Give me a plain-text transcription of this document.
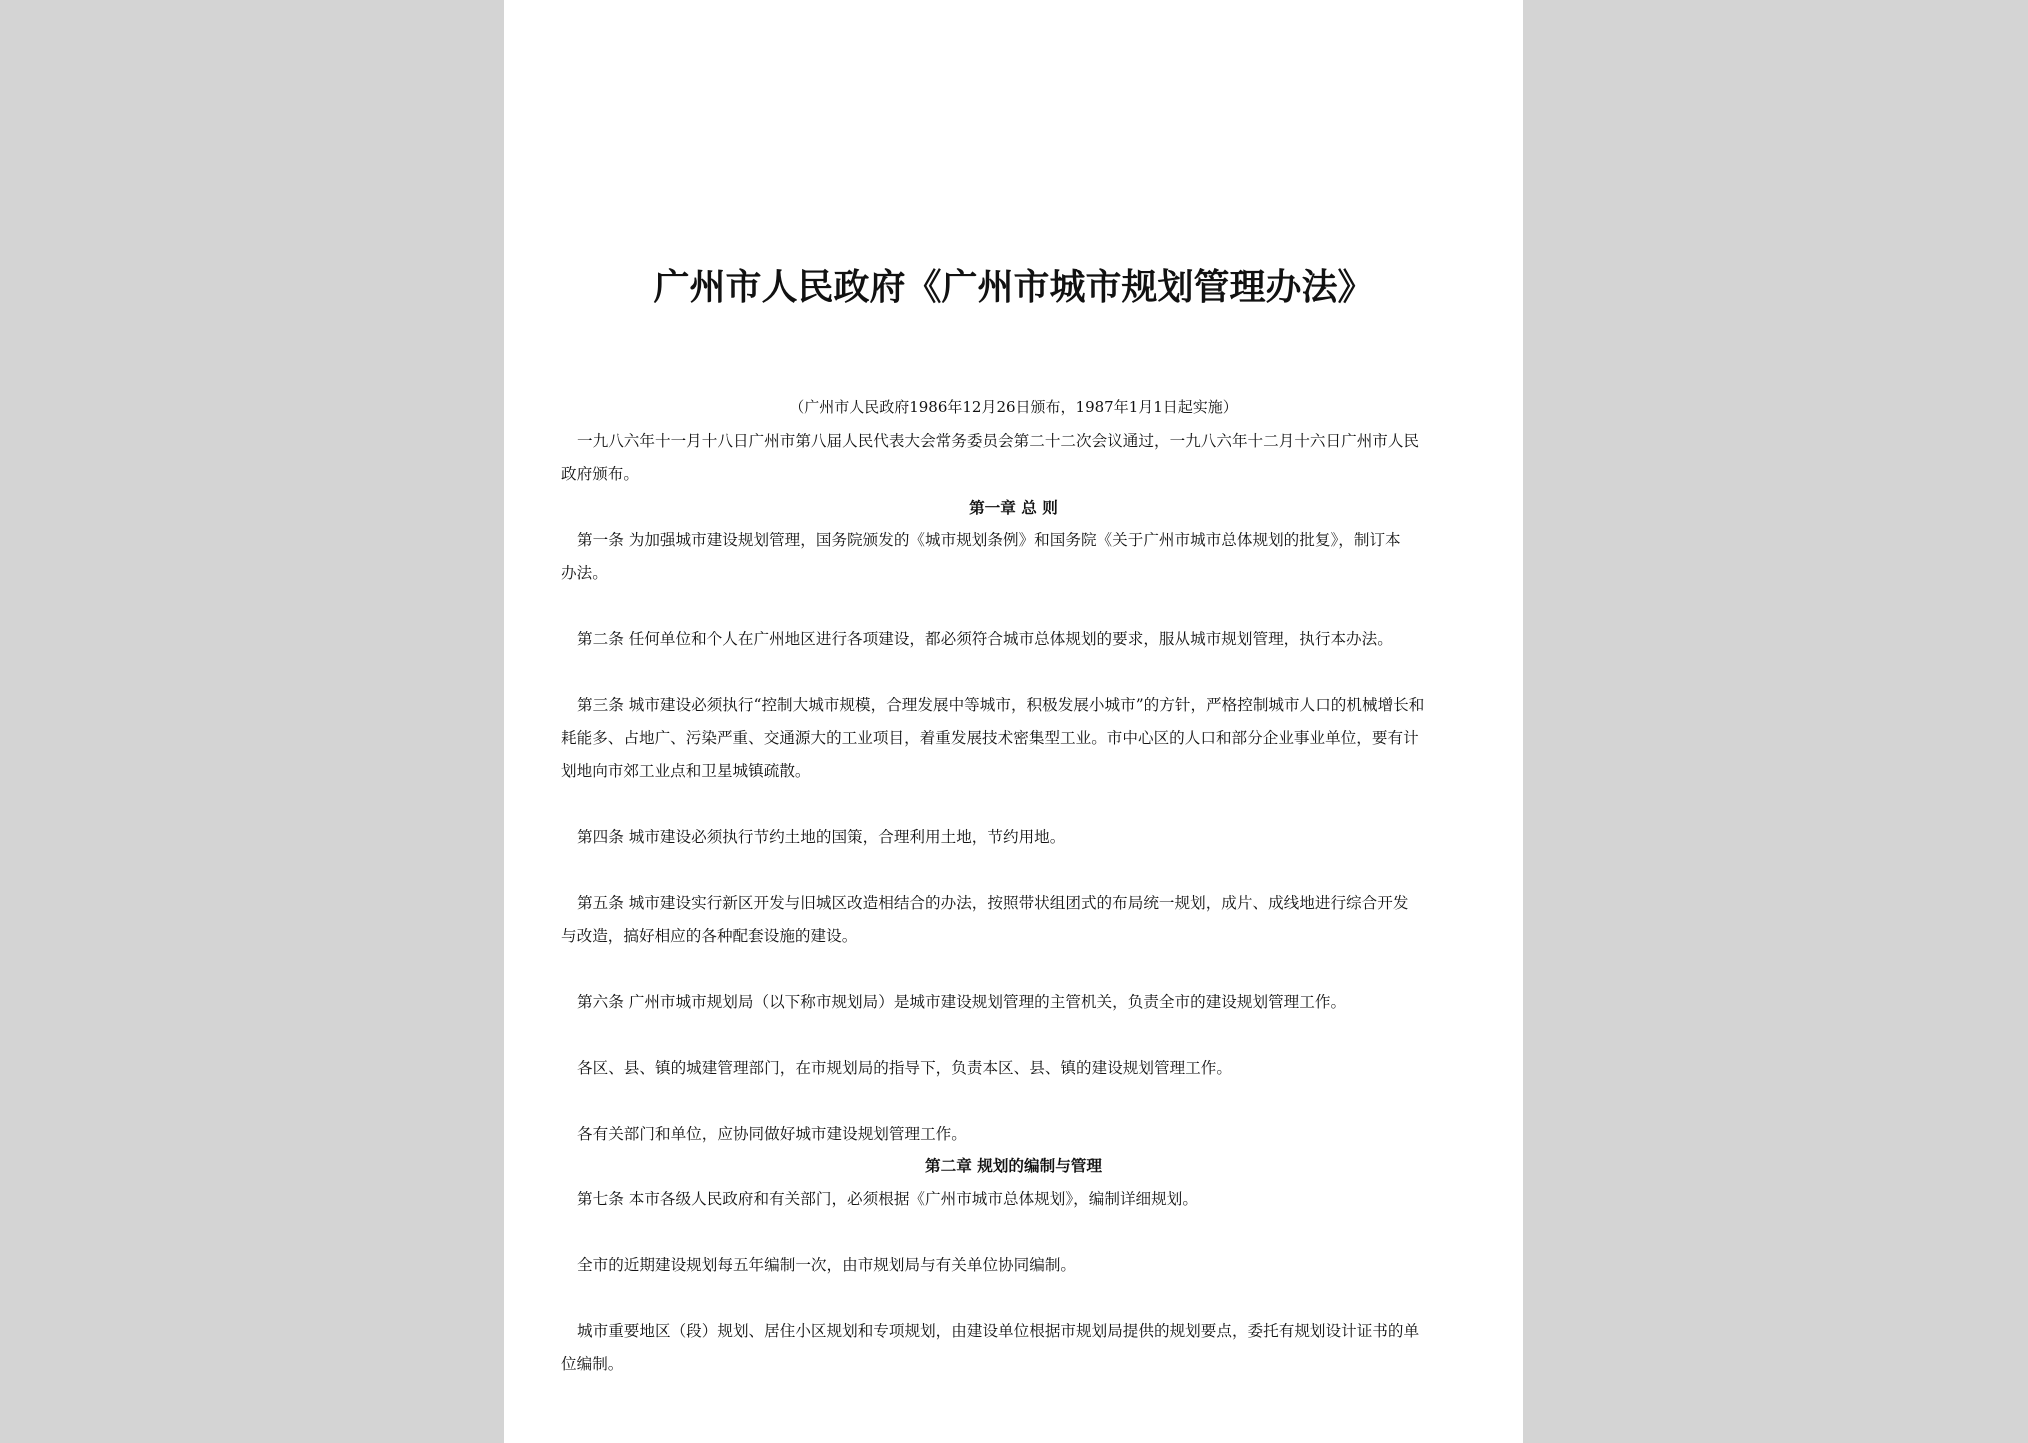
广州市人民政府《广州市城市规划管理办法》
（广州市人民政府1986年12月26日颁布，1987年1月1日起实施）
一九八六年十一月十八日广州市第八届人民代表大会常务委员会第二十二次会议通过，一九八六年十二月十六日广州市人民
政府颁布。
第一章 总 则
第一条 为加强城市建设规划管理，国务院颁发的《城市规划条例》和国务院《关于广州市城市总体规划的批复》，制订本
办法。
第二条 任何单位和个人在广州地区进行各项建设，都必须符合城市总体规划的要求，服从城市规划管理，执行本办法。
第三条 城市建设必须执行“控制大城市规模，合理发展中等城市，积极发展小城市”的方针，严格控制城市人口的机械增长和
耗能多、占地广、污染严重、交通源大的工业项目，着重发展技术密集型工业。市中心区的人口和部分企业事业单位，要有计
划地向市郊工业点和卫星城镇疏散。
第四条 城市建设必须执行节约土地的国策，合理利用土地，节约用地。
第五条 城市建设实行新区开发与旧城区改造相结合的办法，按照带状组团式的布局统一规划，成片、成线地进行综合开发
与改造，搞好相应的各种配套设施的建设。
第六条 广州市城市规划局（以下称市规划局）是城市建设规划管理的主管机关，负责全市的建设规划管理工作。
各区、县、镇的城建管理部门，在市规划局的指导下，负责本区、县、镇的建设规划管理工作。
各有关部门和单位，应协同做好城市建设规划管理工作。
第二章 规划的编制与管理
第七条 本市各级人民政府和有关部门，必须根据《广州市城市总体规划》，编制详细规划。
全市的近期建设规划每五年编制一次，由市规划局与有关单位协同编制。
城市重要地区（段）规划、居住小区规划和专项规划，由建设单位根据市规划局提供的规划要点，委托有规划设计证书的单
位编制。
